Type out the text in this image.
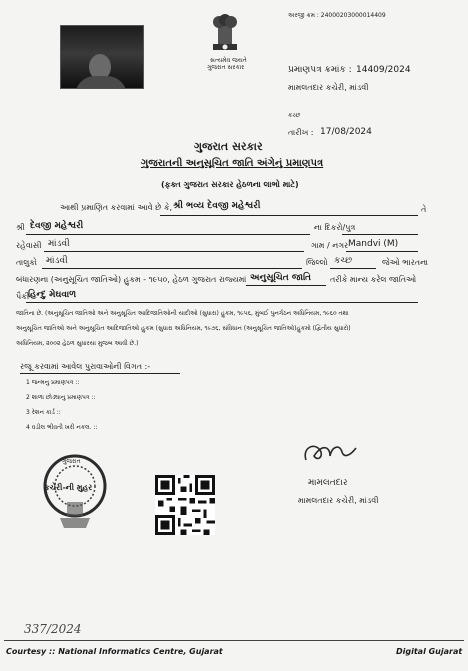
સત્યમેવ જયતે
ગુજરાત સરકાર
અરજી ક્રમ : 24000203000014409
પ્રમાણપત્ર ક્રમાંક : 14409/2024
મામલતદાર કચેરી, માંડવી
કચ્છ
તારીખ : 17/08/2024
ગુજરાત સરકાર
ગુજરાતની અનુસૂચિત જાતિ અંગેનું પ્રમાણપત્ર
(ફક્ત ગુજરાત સરકાર હેઠળના લાભો માટે)
આથી પ્રમાણિત કરવામાં આવે છે કે, શ્રી ભવ્ય દેવજી મહેશ્વરી	તે
શ્રી દેવજી મહેશ્વરી	ના દિકરો/પુત્ર
રહેવાસી માંડવી	ગામ / નગર Mandvi (M)
તાલુકો માંડવી	જિલ્લો કચ્છ	જેઓ ભારતના
બંધારણના (અનુસૂચિત જાતિઓ) હુકમ - ૧૯૫૦, હેઠળ ગુજરાત રાજ્યમાં અનુસૂચિત જાતિ તરીકે માન્ય કરેલ જાતિઓ
પૈકી
હિન્દુ મેઘવાળ
જાતિના છે. (અનુસૂચિત જાતિઓ અને અનુસૂચિત આદિજાતિઓની યાદીઓ (સુધારા) હુકમ, ૧૯૫૬, મુંબઈ પુનર્ગઠન અધિનિયમ, ૧૯૬૦ તથા
અનુસૂચિત જાતિઓ અને અનુસૂચિત આદિજાતિઓ હુકમ (સુધારા અધિનિયમ, ૧૯૭૬, સંવિધાન (અનુસૂચિત જાતિઓ)હુકમો (દ્વિતીય સુધારો)
અધિનિયમ, ૨૦૦૨ હેઠળ સુધારયા મુજબ આવી છે.)
રજૂ કરવામાં આવેલ પુરાવાઓની વિગત :-
1 જન્મનુ પ્રમાણપત્ર ::
2 શાળા છોડ્યાનુ પ્રમાણપત્ર ::
3 રેશન કાર્ડ ::
4 વડીલ ભીવતી ખરી નકલ. ::
ગુજરાત
કચેરી-ની મુહર	મામલતદાર
મામલતદાર કચેરી, માંડવી
337/2024
Courtesy :: National Informatics Centre, Gujarat	Digital Gujarat
